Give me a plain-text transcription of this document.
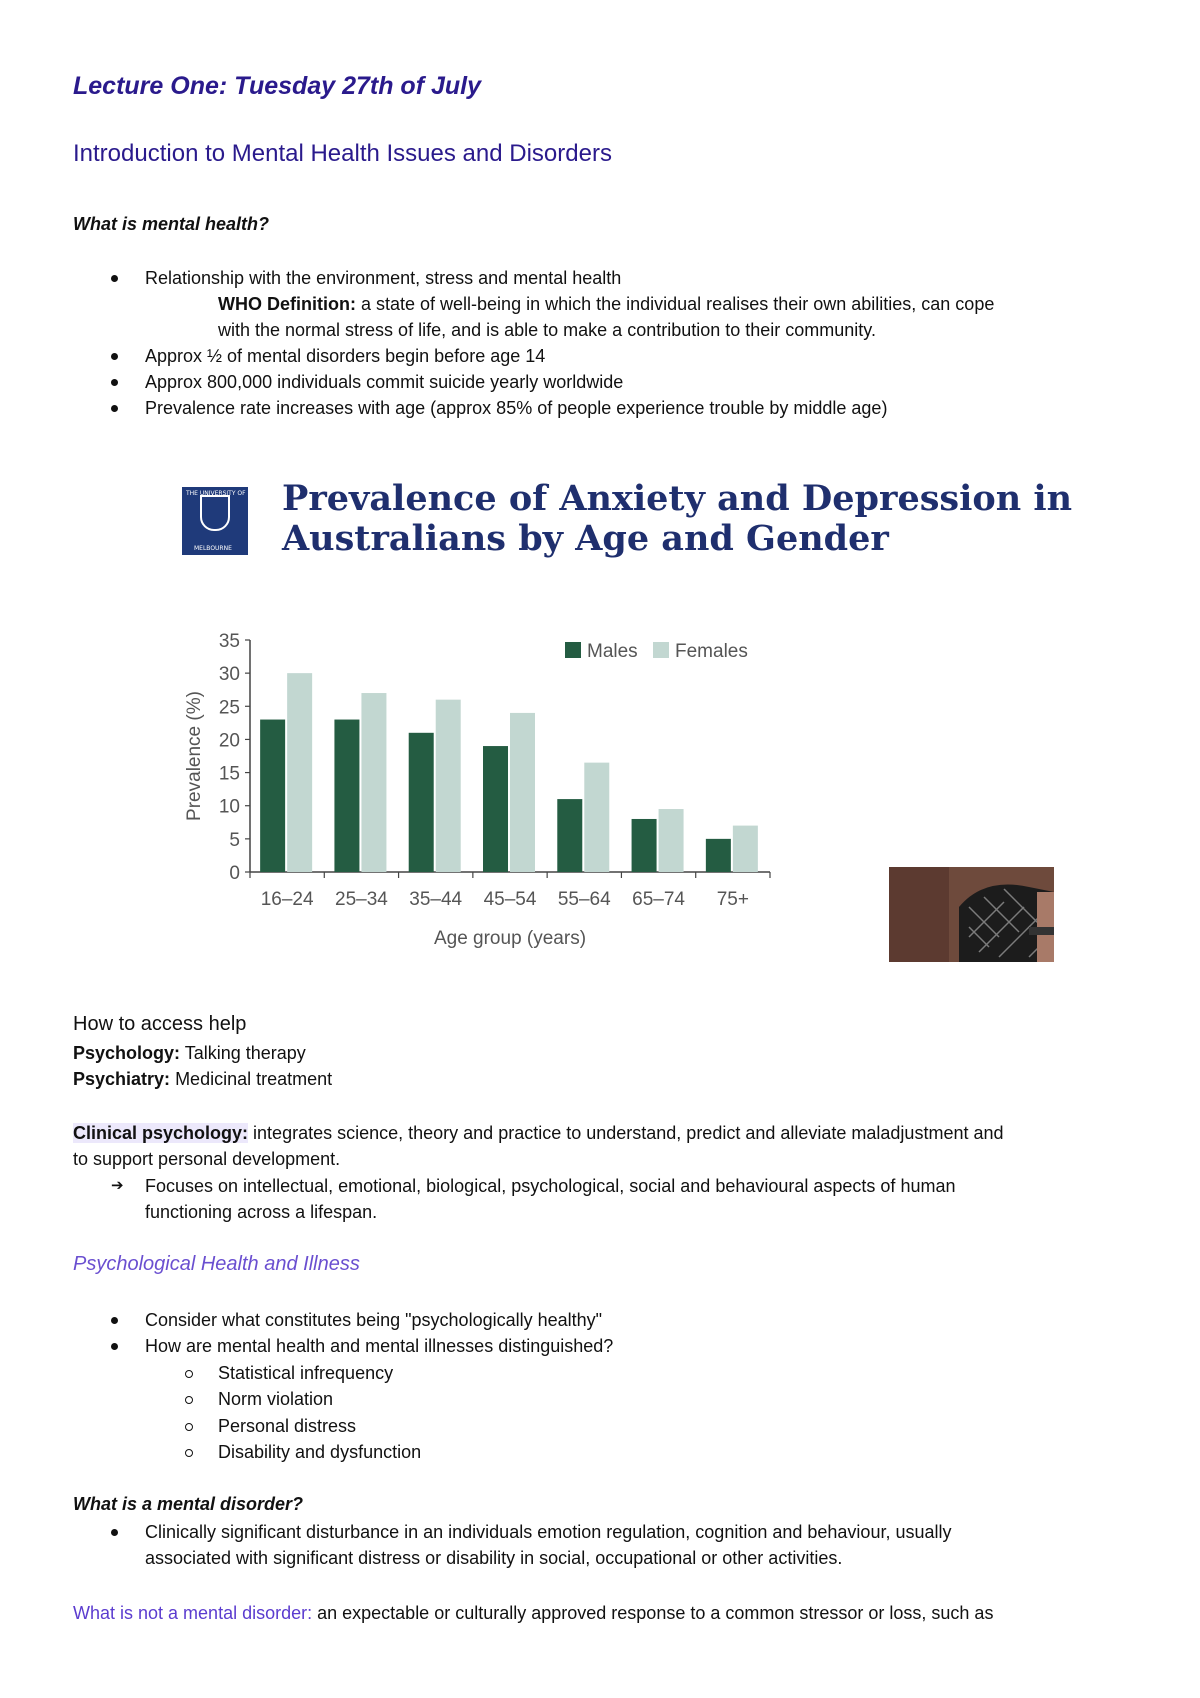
Lecture One: Tuesday 27th of July
Introduction to Mental Health Issues and Disorders
What is mental health?
Relationship with the environment, stress and mental health
WHO Definition: a state of well-being in which the individual realises their own abilities, can cope
with the normal stress of life, and is able to make a contribution to their community.
Approx ½ of mental disorders begin before age 14
Approx 800,000 individuals commit suicide yearly worldwide
Prevalence rate increases with age (approx 85% of people experience trouble by middle age)
THE UNIVERSITY OF
MELBOURNE
Prevalence of Anxiety and Depression in
Australians by Age and Gender
0
5
10
15
20
25
30
35
Prevalence (%)
16–24 25–34 35–44 45–54 55–64 65–74 75+
Age group (years)
Males Females
How to access help
Psychology: Talking therapy
Psychiatry: Medicinal treatment
Clinical psychology: integrates science, theory and practice to understand, predict and alleviate maladjustment and
to support personal development.
➔ Focuses on intellectual, emotional, biological, psychological, social and behavioural aspects of human
functioning across a lifespan.
Psychological Health and Illness
Consider what constitutes being "psychologically healthy"
How are mental health and mental illnesses distinguished?
Statistical infrequency
Norm violation
Personal distress
Disability and dysfunction
What is a mental disorder?
Clinically significant disturbance in an individuals emotion regulation, cognition and behaviour, usually
associated with significant distress or disability in social, occupational or other activities.
What is not a mental disorder: an expectable or culturally approved response to a common stressor or loss, such as
